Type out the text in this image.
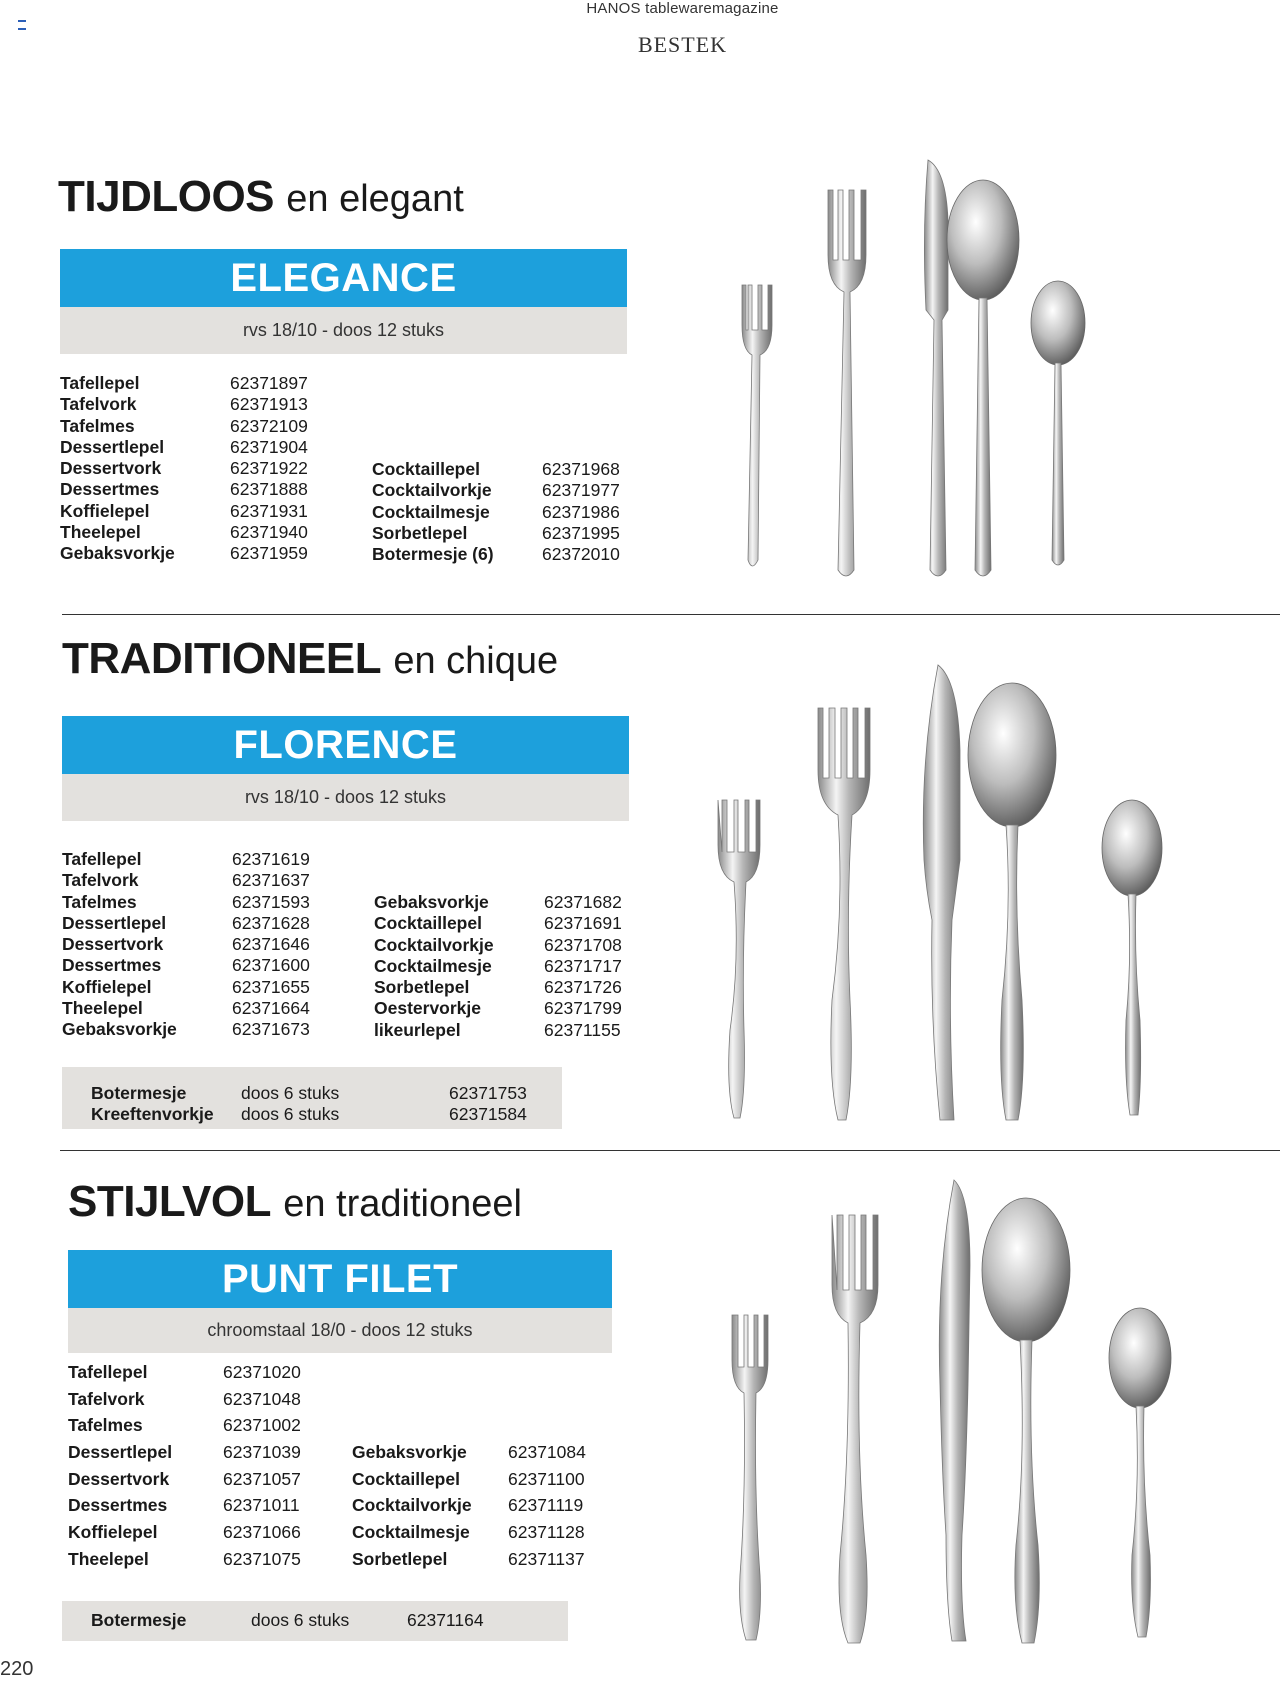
HANOS tablewaremagazine
BESTEK
TIJDLOOS en elegant
ELEGANCE
rvs 18/10 - doos 12 stuks
Tafellepel	62371897
Tafelvork	62371913
Tafelmes	62372109
Dessertlepel	62371904
Dessertvork	62371922
Dessertmes	62371888
Koffielepel	62371931
Theelepel	62371940
Gebaksvorkje	62371959
Cocktaillepel	62371968
Cocktailvorkje	62371977
Cocktailmesje	62371986
Sorbetlepel	62371995
Botermesje (6)	62372010
TRADITIONEEL en chique
FLORENCE
rvs 18/10 - doos 12 stuks
Tafellepel	62371619
Tafelvork	62371637
Tafelmes	62371593
Dessertlepel	62371628
Dessertvork	62371646
Dessertmes	62371600
Koffielepel	62371655
Theelepel	62371664
Gebaksvorkje	62371673
Gebaksvorkje	62371682
Cocktaillepel	62371691
Cocktailvorkje	62371708
Cocktailmesje	62371717
Sorbetlepel	62371726
Oestervorkje	62371799
likeurlepel	62371155
Botermesje	doos 6 stuks	62371753
Kreeftenvorkje doos 6 stuks	62371584
STIJLVOL en traditioneel
PUNT FILET
chroomstaal 18/0 - doos 12 stuks
Tafellepel	62371020
Tafelvork	62371048
Tafelmes	62371002
Dessertlepel	62371039
Dessertvork	62371057
Dessertmes	62371011
Koffielepel	62371066
Theelepel	62371075
Gebaksvorkje 62371084
Cocktaillepel	62371100
Cocktailvorkje 62371119
Cocktailmesje 62371128
Sorbetlepel	62371137
Botermesje	doos 6 stuks	62371164
220
